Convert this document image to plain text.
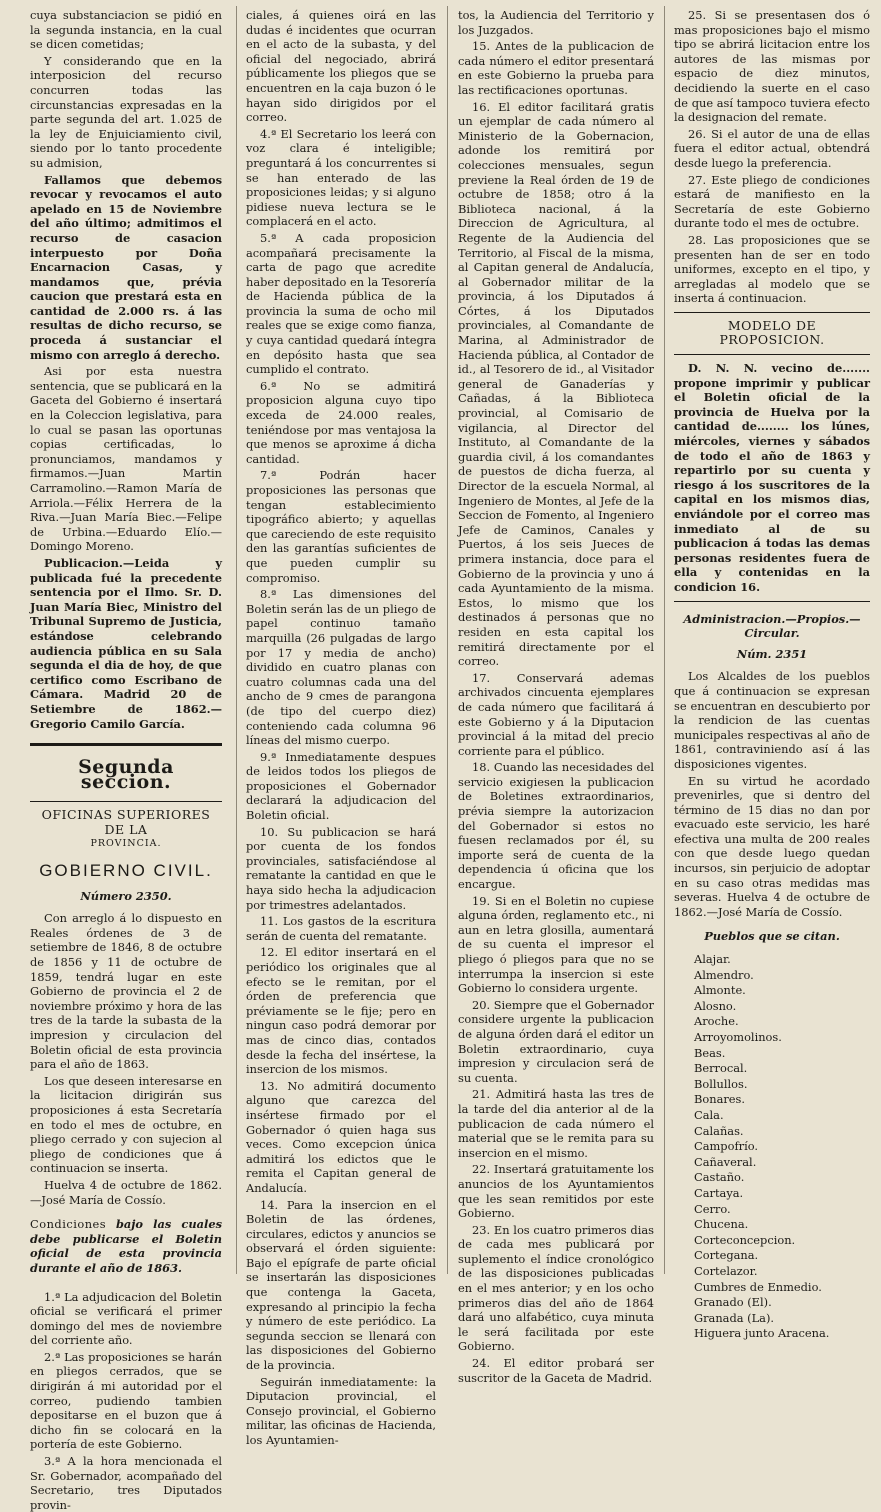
cuya substanciacion se pidió en la segunda instancia, en la cual se dicen cometidas;

Y considerando que en la interposicion del recurso concurren todas las circunstancias expresadas en la parte segunda del art. 1.025 de la ley de Enjuiciamiento civil, siendo por lo tanto procedente su admision,

Fallamos que debemos revocar y revocamos el auto apelado en 15 de Noviembre del año último; admitimos el recurso de casacion interpuesto por Doña Encarnacion Casas, y mandamos que, prévia caucion que prestará esta en cantidad de 2.000 rs. á las resultas de dicho recurso, se proceda á sustanciar el mismo con arreglo á derecho.

Asi por esta nuestra sentencia, que se publicará en la Gaceta del Gobierno é insertará en la Coleccion legislativa, para lo cual se pasan las oportunas copias certificadas, lo pronunciamos, mandamos y firmamos.—Juan Martin Carramolino.—Ramon María de Arriola.—Félix Herrera de la Riva.—Juan María Biec.—Felipe de Urbina.—Eduardo Elío.—Domingo Moreno.

Publicacion.—Leida y publicada fué la precedente sentencia por el Ilmo. Sr. D. Juan María Biec, Ministro del Tribunal Supremo de Justicia, estándose celebrando audiencia pública en su Sala segunda el dia de hoy, de que certifico como Escribano de Cámara. Madrid 20 de Setiembre de 1862.—Gregorio Camilo García.

Segunda seccion.
OFICINAS SUPERIORES DE LA
PROVINCIA.
GOBIERNO CIVIL.
Número 2350.

Con arreglo á lo dispuesto en Reales órdenes de 3 de setiembre de 1846, 8 de octubre de 1856 y 11 de octubre de 1859, tendrá lugar en este Gobierno de provincia el 2 de noviembre próximo y hora de las tres de la tarde la subasta de la impresion y circulacion del Boletin oficial de esta provincia para el año de 1863.

Los que deseen interesarse en la licitacion dirigirán sus proposiciones á esta Secretaría en todo el mes de octubre, en pliego cerrado y con sujecion al pliego de condiciones que á continuacion se inserta.

Huelva 4 de octubre de 1862.—José María de Cossío.

Condiciones bajo las cuales debe publicarse el Boletin oficial de esta provincia durante el año de 1863.

1.ª La adjudicacion del Boletin oficial se verificará el primer domingo del mes de noviembre del corriente año.

2.ª Las proposiciones se harán en pliegos cerrados, que se dirigirán á mi autoridad por el correo, pudiendo tambien depositarse en el buzon que á dicho fin se colocará en la portería de este Gobierno.

3.ª A la hora mencionada el Sr. Gobernador, acompañado del Secretario, tres Diputados provin-

ciales, á quienes oirá en las dudas é incidentes que ocurran en el acto de la subasta, y del oficial del negociado, abrirá públicamente los pliegos que se encuentren en la caja buzon ó le hayan sido dirigidos por el correo.

4.ª El Secretario los leerá con voz clara é inteligible; preguntará á los concurrentes si se han enterado de las proposiciones leidas; y si alguno pidiese nueva lectura se le complacerá en el acto.

5.ª A cada proposicion acompañará precisamente la carta de pago que acredite haber depositado en la Tesorería de Hacienda pública de la provincia la suma de ocho mil reales que se exige como fianza, y cuya cantidad quedará íntegra en depósito hasta que sea cumplido el contrato.

6.ª No se admitirá proposicion alguna cuyo tipo exceda de 24.000 reales, teniéndose por mas ventajosa la que menos se aproxime á dicha cantidad.

7.ª Podrán hacer proposiciones las personas que tengan establecimiento tipográfico abierto; y aquellas que careciendo de este requisito den las garantías suficientes de que pueden cumplir su compromiso.

8.ª Las dimensiones del Boletin serán las de un pliego de papel continuo tamaño marquilla (26 pulgadas de largo por 17 y media de ancho) dividido en cuatro planas con cuatro columnas cada una del ancho de 9 cmes de parangona (de tipo del cuerpo diez) conteniendo cada columna 96 líneas del mismo cuerpo.

9.ª Inmediatamente despues de leidos todos los pliegos de proposiciones el Gobernador declarará la adjudicacion del Boletin oficial.

10. Su publicacion se hará por cuenta de los fondos provinciales, satisfaciéndose al rematante la cantidad en que le haya sido hecha la adjudicacion por trimestres adelantados.

11. Los gastos de la escritura serán de cuenta del rematante.

12. El editor insertará en el periódico los originales que al efecto se le remitan, por el órden de preferencia que préviamente se le fije; pero en ningun caso podrá demorar por mas de cinco dias, contados desde la fecha del insértese, la insercion de los mismos.

13. No admitirá documento alguno que carezca del insértese firmado por el Gobernador ó quien haga sus veces. Como excepcion única admitirá los edictos que le remita el Capitan general de Andalucía.

14. Para la insercion en el Boletin de las órdenes, circulares, edictos y anuncios se observará el órden siguiente: Bajo el epígrafe de parte oficial se insertarán las disposiciones que contenga la Gaceta, expresando al principio la fecha y número de este periódico. La segunda seccion se llenará con las disposiciones del Gobierno de la provincia.

Seguirán inmediatamente: la Diputacion provincial, el Consejo provincial, el Gobierno militar, las oficinas de Hacienda, los Ayuntamien-

tos, la Audiencia del Territorio y los Juzgados.

15. Antes de la publicacion de cada número el editor presentará en este Gobierno la prueba para las rectificaciones oportunas.

16. El editor facilitará gratis un ejemplar de cada número al Ministerio de la Gobernacion, adonde los remitirá por colecciones mensuales, segun previene la Real órden de 19 de octubre de 1858; otro á la Biblioteca nacional, á la Direccion de Agricultura, al Regente de la Audiencia del Territorio, al Fiscal de la misma, al Capitan general de Andalucía, al Gobernador militar de la provincia, á los Diputados á Córtes, á los Diputados provinciales, al Comandante de Marina, al Administrador de Hacienda pública, al Contador de id., al Tesorero de id., al Visitador general de Ganaderías y Cañadas, á la Biblioteca provincial, al Comisario de vigilancia, al Director del Instituto, al Comandante de la guardia civil, á los comandantes de puestos de dicha fuerza, al Director de la escuela Normal, al Ingeniero de Montes, al Jefe de la Seccion de Fomento, al Ingeniero Jefe de Caminos, Canales y Puertos, á los seis Jueces de primera instancia, doce para el Gobierno de la provincia y uno á cada Ayuntamiento de la misma. Estos, lo mismo que los destinados á personas que no residen en esta capital los remitirá directamente por el correo.

17. Conservará ademas archivados cincuenta ejemplares de cada número que facilitará á este Gobierno y á la Diputacion provincial á la mitad del precio corriente para el público.

18. Cuando las necesidades del servicio exigiesen la publicacion de Boletines extraordinarios, prévia siempre la autorizacion del Gobernador si estos no fuesen reclamados por él, su importe será de cuenta de la dependencia ú oficina que los encargue.

19. Si en el Boletin no cupiese alguna órden, reglamento etc., ni aun en letra glosilla, aumentará de su cuenta el impresor el pliego ó pliegos para que no se interrumpa la insercion si este Gobierno lo considera urgente.

20. Siempre que el Gobernador considere urgente la publicacion de alguna órden dará el editor un Boletin extraordinario, cuya impresion y circulacion será de su cuenta.

21. Admitirá hasta las tres de la tarde del dia anterior al de la publicacion de cada número el material que se le remita para su insercion en el mismo.

22. Insertará gratuitamente los anuncios de los Ayuntamientos que les sean remitidos por este Gobierno.

23. En los cuatro primeros dias de cada mes publicará por suplemento el índice cronológico de las disposiciones publicadas en el mes anterior; y en los ocho primeros dias del año de 1864 dará uno alfabético, cuya minuta le será facilitada por este Gobierno.

24. El editor probará ser suscritor de la Gaceta de Madrid.

25. Si se presentasen dos ó mas proposiciones bajo el mismo tipo se abrirá licitacion entre los autores de las mismas por espacio de diez minutos, decidiendo la suerte en el caso de que así tampoco tuviera efecto la designacion del remate.

26. Si el autor de una de ellas fuera el editor actual, obtendrá desde luego la preferencia.

27. Este pliego de condiciones estará de manifiesto en la Secretaría de este Gobierno durante todo el mes de octubre.

28. Las proposiciones que se presenten han de ser en todo uniformes, excepto en el tipo, y arregladas al modelo que se inserta á continuacion.

MODELO DE PROPOSICION.

D. N. N. vecino de....... propone imprimir y publicar el Boletin oficial de la provincia de Huelva por la cantidad de........ los lúnes, miércoles, viernes y sábados de todo el año de 1863 y repartirlo por su cuenta y riesgo á los suscritores de la capital en los mismos dias, enviándole por el correo mas inmediato al de su publicacion á todas las demas personas residentes fuera de ella y contenidas en la condicion 16.

Administracion.—Propios.—Circular.
Núm. 2351

Los Alcaldes de los pueblos que á continuacion se expresan se encuentran en descubierto por la rendicion de las cuentas municipales respectivas al año de 1861, contraviniendo así á las disposiciones vigentes.

En su virtud he acordado prevenirles, que si dentro del término de 15 dias no dan por evacuado este servicio, les haré efectiva una multa de 200 reales con que desde luego quedan incursos, sin perjuicio de adoptar en su caso otras medidas mas severas. Huelva 4 de octubre de 1862.—José María de Cossío.

Pueblos que se citan.
Alajar.
Almendro.
Almonte.
Alosno.
Aroche.
Arroyomolinos.
Beas.
Berrocal.
Bollullos.
Bonares.
Cala.
Calañas.
Campofrío.
Cañaveral.
Castaño.
Cartaya.
Cerro.
Chucena.
Corteconcepcion.
Cortegana.
Cortelazor.
Cumbres de Enmedio.
Granado (El).
Granada (La).
Higuera junto Aracena.
